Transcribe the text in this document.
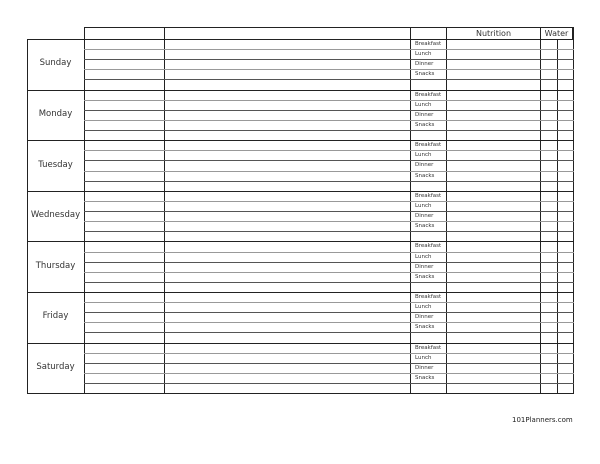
Nutrition	Water
Sunday
Breakfast
Lunch
Dinner
Snacks
Monday
Breakfast
Lunch
Dinner
Snacks
Tuesday
Breakfast
Lunch
Dinner
Snacks
Wednesday
Breakfast
Lunch
Dinner
Snacks
Thursday
Breakfast
Lunch
Dinner
Snacks
Friday
Breakfast
Lunch
Dinner
Snacks
Saturday
Breakfast
Lunch
Dinner
Snacks
101Planners.com
